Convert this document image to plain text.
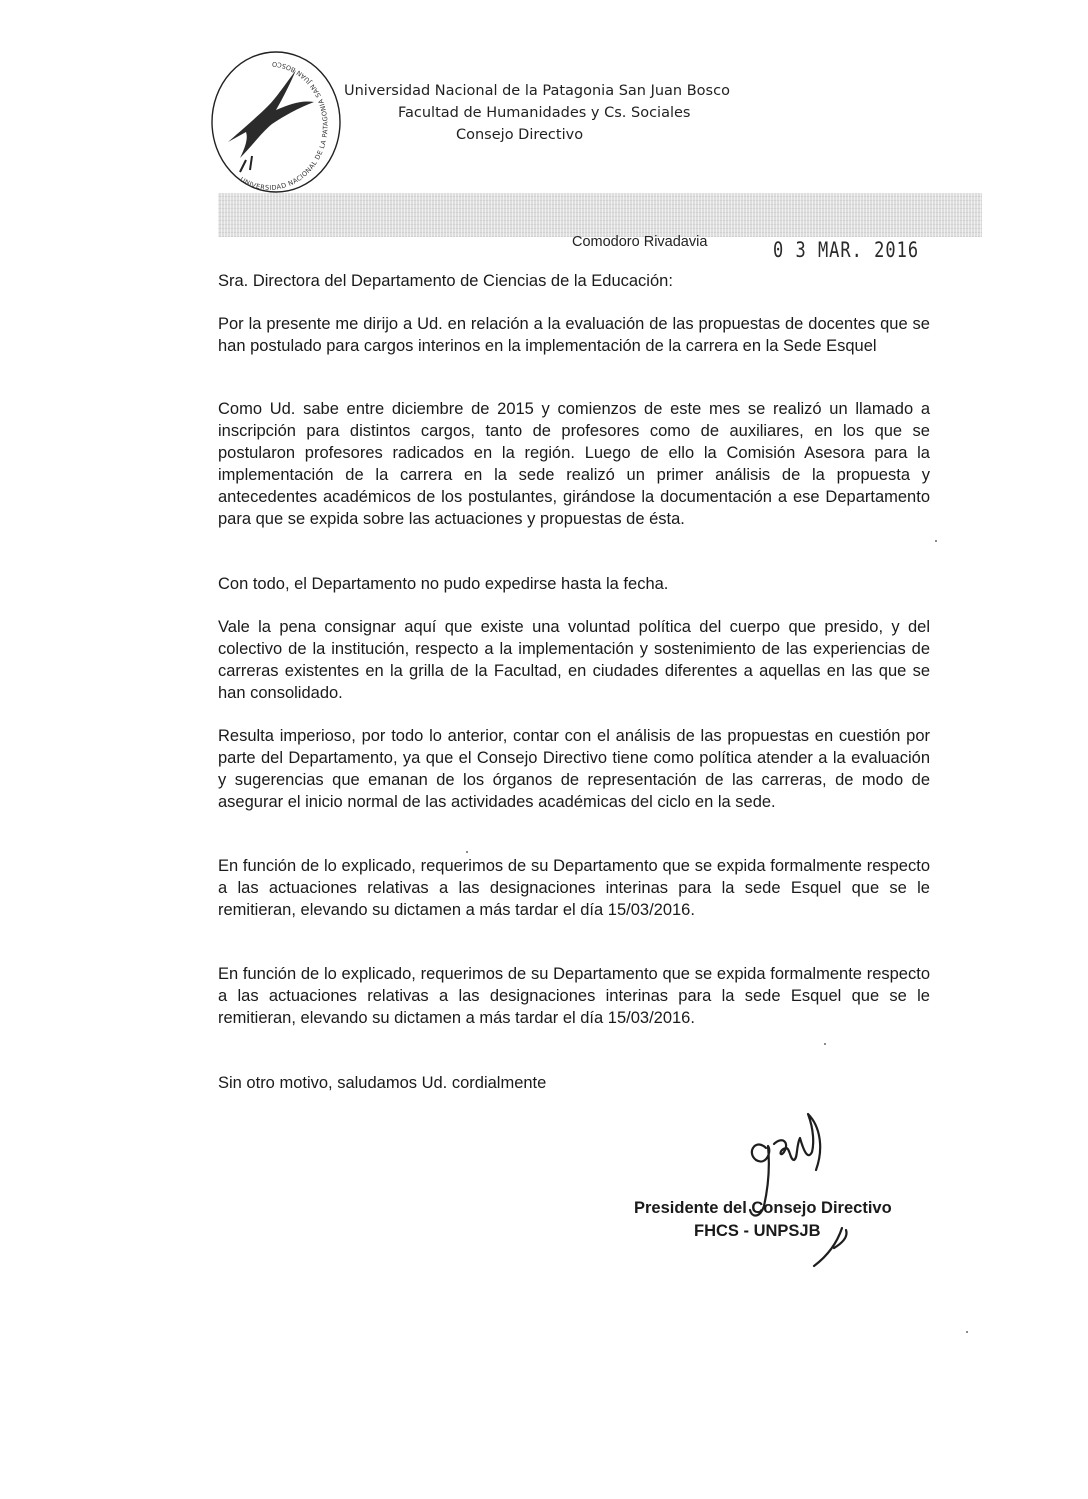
UNIVERSIDAD NACIONAL DE LA PATAGONIA SAN JUAN BOSCO
Universidad Nacional de la Patagonia San Juan Bosco
Facultad de Humanidades y Cs. Sociales
Consejo Directivo
Comodoro Rivadavia	0 3 MAR. 2016
Sra. Directora del Departamento de Ciencias de la Educación:

Por la presente me dirijo a Ud. en relación a la evaluación de las propuestas de docentes que se han postulado para cargos interinos en la implementación de la carrera en la Sede Esquel

Como Ud. sabe entre diciembre de 2015 y comienzos de este mes se realizó un llamado a inscripción para distintos cargos, tanto de profesores como de auxiliares, en los que se postularon profesores radicados en la región. Luego de ello la Comisión Asesora para la implementación de la carrera en la sede realizó un primer análisis de la propuesta y antecedentes académicos de los postulantes, girándose la documentación a ese Departamento para que se expida sobre las actuaciones y propuestas de ésta.

Con todo, el Departamento no pudo expedirse hasta la fecha.

Vale la pena consignar aquí que existe una voluntad política del cuerpo que presido, y del colectivo de la institución, respecto a la implementación y sostenimiento de las experiencias de carreras existentes en la grilla de la Facultad, en ciudades diferentes a aquellas en las que se han consolidado.

Resulta imperioso, por todo lo anterior, contar con el análisis de las propuestas en cuestión por parte del Departamento, ya que el Consejo Directivo tiene como política atender a la evaluación y sugerencias que emanan de los órganos de representación de las carreras, de modo de asegurar el inicio normal de las actividades académicas del ciclo en la sede.

En función de lo explicado, requerimos de su Departamento que se expida formalmente respecto a las actuaciones relativas a las designaciones interinas para la sede Esquel que se le remitieran, elevando su dictamen a más tardar el día 15/03/2016.

En función de lo explicado, requerimos de su Departamento que se expida formalmente respecto a las actuaciones relativas a las designaciones interinas para la sede Esquel que se le remitieran, elevando su dictamen a más tardar el día 15/03/2016.

Sin otro motivo, saludamos Ud. cordialmente

Presidente del Consejo Directivo
FHCS - UNPSJB
